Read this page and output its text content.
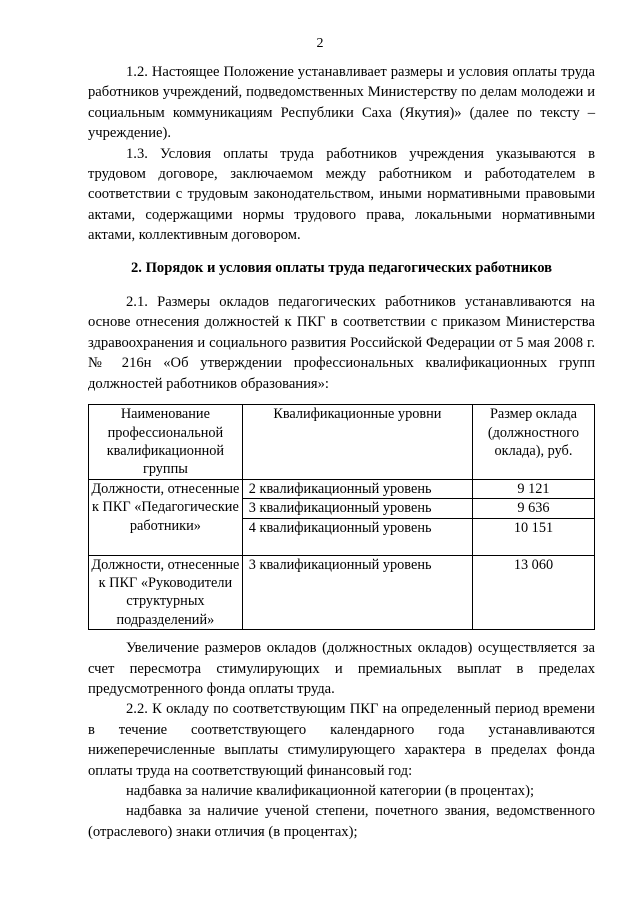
2

1.2. Настоящее Положение устанавливает размеры и условия оплаты труда работников учреждений, подведомственных Министерству по делам молодежи и социальным коммуникациям Республики Саха (Якутия)» (далее по тексту – учреждение).

1.3. Условия оплаты труда работников учреждения указываются в трудовом договоре, заключаемом между работником и работодателем в соответствии с трудовым законодательством, иными нормативными правовыми актами, содержащими нормы трудового права, локальными нормативными актами, коллективным договором.

2. Порядок и условия оплаты труда педагогических работников

2.1. Размеры окладов педагогических работников устанавливаются на основе отнесения должностей к ПКГ в соответствии с приказом Министерства здравоохранения и социального развития Российской Федерации от 5 мая 2008 г. № 216н «Об утверждении профессиональных квалификационных групп должностей работников образования»:

Наименование профессиональной квалификационной группы	Квалификационные уровни	Размер оклада (должностного оклада), руб.
Должности, отнесенные к ПКГ «Педагогические работники»	2 квалификационный уровень	9 121
	3 квалификационный уровень	9 636
	4 квалификационный уровень	10 151
Должности, отнесенные к ПКГ «Руководители структурных подразделений»	3 квалификационный уровень	13 060

Увеличение размеров окладов (должностных окладов) осуществляется за счет пересмотра стимулирующих и премиальных выплат в пределах предусмотренного фонда оплаты труда.

2.2. К окладу по соответствующим ПКГ на определенный период времени в течение соответствующего календарного года устанавливаются нижеперечисленные выплаты стимулирующего характера в пределах фонда оплаты труда на соответствующий финансовый год:

надбавка за наличие квалификационной категории (в процентах);

надбавка за наличие ученой степени, почетного звания, ведомственного (отраслевого) знаки отличия (в процентах);
